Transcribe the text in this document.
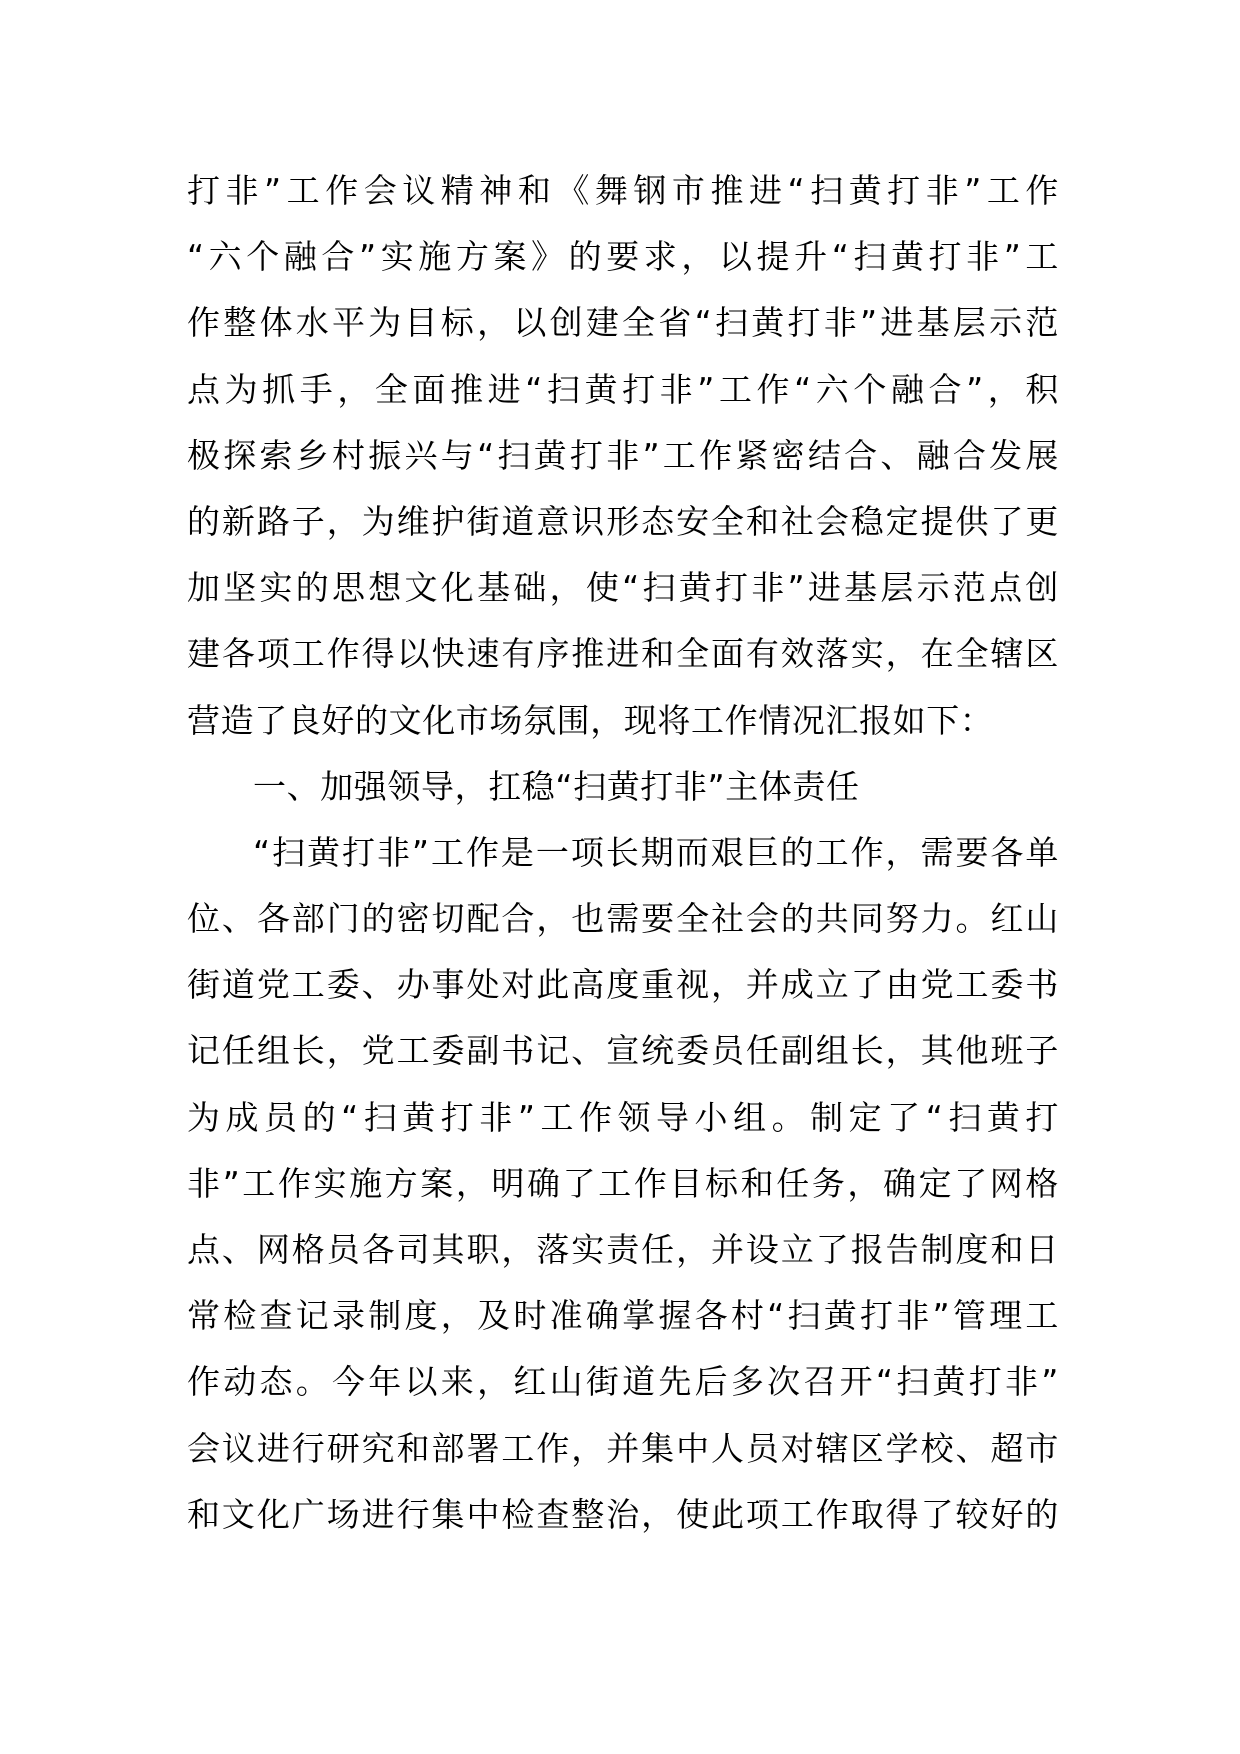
打非”工作会议精神和《舞钢市推进“扫黄打非”工作
“六个融合”实施方案》的要求，以提升“扫黄打非”工
作整体水平为目标，以创建全省“扫黄打非”进基层示范
点为抓手，全面推进“扫黄打非”工作“六个融合”，积
极探索乡村振兴与“扫黄打非”工作紧密结合、融合发展
的新路子，为维护街道意识形态安全和社会稳定提供了更
加坚实的思想文化基础，使“扫黄打非”进基层示范点创
建各项工作得以快速有序推进和全面有效落实，在全辖区
营造了良好的文化市场氛围，现将工作情况汇报如下：
一、加强领导，扛稳“扫黄打非”主体责任
“扫黄打非”工作是一项长期而艰巨的工作，需要各单
位、各部门的密切配合，也需要全社会的共同努力。红山
街道党工委、办事处对此高度重视，并成立了由党工委书
记任组长，党工委副书记、宣统委员任副组长，其他班子
为成员的“扫黄打非”工作领导小组。制定了“扫黄打
非”工作实施方案，明确了工作目标和任务，确定了网格
点、网格员各司其职，落实责任，并设立了报告制度和日
常检查记录制度，及时准确掌握各村“扫黄打非”管理工
作动态。今年以来，红山街道先后多次召开“扫黄打非”
会议进行研究和部署工作，并集中人员对辖区学校、超市
和文化广场进行集中检查整治，使此项工作取得了较好的
